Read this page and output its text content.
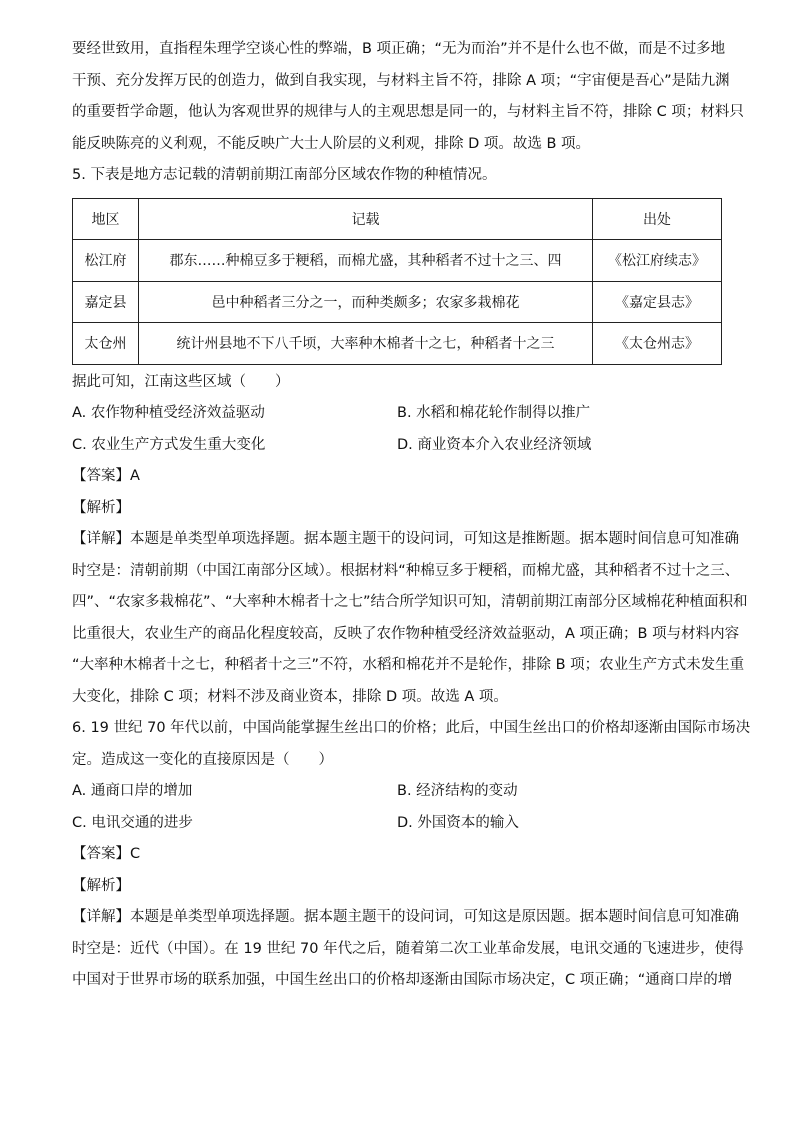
要经世致用，直指程朱理学空谈心性的弊端，B 项正确；“无为而治”并不是什么也不做，而是不过多地
干预、充分发挥万民的创造力，做到自我实现，与材料主旨不符，排除 A 项；“宇宙便是吾心”是陆九渊
的重要哲学命题，他认为客观世界的规律与人的主观思想是同一的，与材料主旨不符，排除 C 项；材料只
能反映陈亮的义利观，不能反映广大士人阶层的义利观，排除 D 项。故选 B 项。

5. 下表是地方志记载的清朝前期江南部分区域农作物的种植情况。

地区	记载	出处
松江府	郡东……种棉豆多于粳稻，而棉尤盛，其种稻者不过十之三、四	《松江府续志》
嘉定县	邑中种稻者三分之一，而种类颇多；农家多栽棉花	《嘉定县志》
太仓州	统计州县地不下八千顷，大率种木棉者十之七，种稻者十之三	《太仓州志》

据此可知，江南这些区域（　　）

A. 农作物种植受经济效益驱动	B. 水稻和棉花轮作制得以推广
C. 农业生产方式发生重大变化	D. 商业资本介入农业经济领域

【答案】A

【解析】

【详解】本题是单类型单项选择题。据本题主题干的设问词，可知这是推断题。据本题时间信息可知准确
时空是：清朝前期（中国江南部分区域）。根据材料“种棉豆多于粳稻，而棉尤盛，其种稻者不过十之三、
四”、“农家多栽棉花”、“大率种木棉者十之七”结合所学知识可知，清朝前期江南部分区域棉花种植面积和
比重很大，农业生产的商品化程度较高，反映了农作物种植受经济效益驱动，A 项正确；B 项与材料内容
“大率种木棉者十之七，种稻者十之三”不符，水稻和棉花并不是轮作，排除 B 项；农业生产方式未发生重
大变化，排除 C 项；材料不涉及商业资本，排除 D 项。故选 A 项。

6. 19 世纪 70 年代以前，中国尚能掌握生丝出口的价格；此后，中国生丝出口的价格却逐渐由国际市场决
定。造成这一变化的直接原因是（　　）

A. 通商口岸的增加	B. 经济结构的变动
C. 电讯交通的进步	D. 外国资本的输入

【答案】C

【解析】

【详解】本题是单类型单项选择题。据本题主题干的设问词，可知这是原因题。据本题时间信息可知准确
时空是：近代（中国）。在 19 世纪 70 年代之后，随着第二次工业革命发展，电讯交通的飞速进步，使得
中国对于世界市场的联系加强，中国生丝出口的价格却逐渐由国际市场决定，C 项正确；“通商口岸的增
